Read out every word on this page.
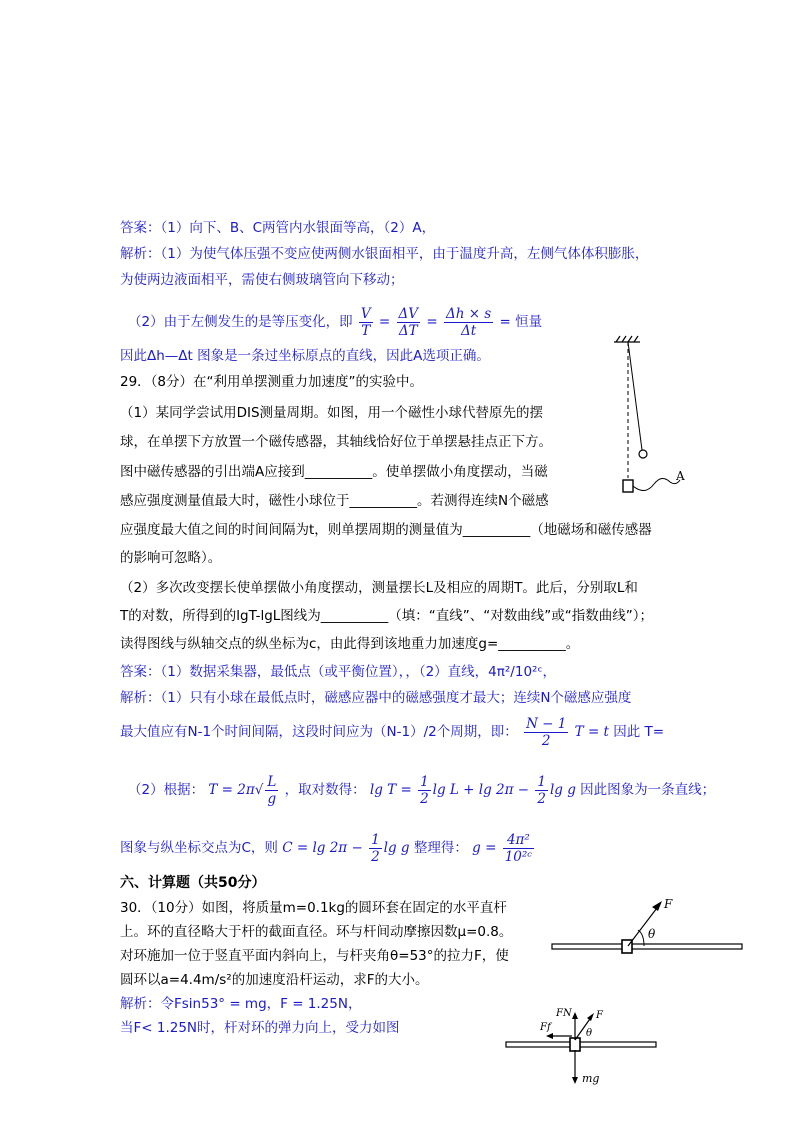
答案：（1）向下、B、C两管内水银面等高，（2）A，
解析：（1）为使气体压强不变应使两侧水银面相平，由于温度升高，左侧气体体积膨胀，
为使两边液面相平，需使右侧玻璃管向下移动；
（2）由于左侧发生的是等压变化，即 $\frac{V}{T} = \frac{\Delta V}{\Delta T} = \frac{\Delta h \times s}{\Delta t}$ = 恒量
因此Δh—Δt 图象是一条过坐标原点的直线，因此A选项正确。
29．（8分）在“利用单摆测重力加速度”的实验中。
（1）某同学尝试用DIS测量周期。如图，用一个磁性小球代替原先的摆
球，在单摆下方放置一个磁传感器，其轴线恰好位于单摆悬挂点正下方。
图中磁传感器的引出端A应接到__________。使单摆做小角度摆动，当磁
感应强度测量值最大时，磁性小球位于__________。若测得连续N个磁感
应强度最大值之间的时间间隔为t，则单摆周期的测量值为__________（地磁场和磁传感器
的影响可忽略）。
（2）多次改变摆长使单摆做小角度摆动，测量摆长L及相应的周期T。此后，分别取L和
T的对数，所得到的lgT-lgL图线为__________（填：“直线”、“对数曲线”或“指数曲线”）；
读得图线与纵轴交点的纵坐标为c，由此得到该地重力加速度g=__________。
答案：（1）数据采集器，最低点（或平衡位置），，（2）直线，4π²/10²ᶜ，
解析：（1）只有小球在最低点时，磁感应器中的磁感强度才最大；连续N个磁感应强度
最大值应有N-1个时间间隔，这段时间应为（N-1）/2个周期，即： $\frac{N - 1}{2}$ T = t 因此 T=
（2）根据： $T = 2\pi√ \frac{L}{g}$ ，取对数得： $\lg T = \frac{1}{2}$ $\lg L + \lg 2\pi - \frac{1}{2}$ lg g 因此图象为一条直线；
图象与纵坐标交点为C，则 $C = \lg 2\pi - \frac{1}{2}$ lg g 整理得： $g = \frac{\text{4π²}}{\text{10²ᶜ}}$
六、计算题（共50分）
30．（10分）如图，将质量m=0.1kg的圆环套在固定的水平直杆
上。环的直径略大于杆的截面直径。环与杆间动摩擦因数μ=0.8。
对环施加一位于竖直平面内斜向上，与杆夹角θ=53°的拉力F，使
圆环以a=4.4m/s²的加速度沿杆运动，求F的大小。
解析：令Fsin53° = mg，F = 1.25N，
当F< 1.25N时，杆对环的弹力向上，受力如图
A
F
θ
FN F
Ff
θ
mg
